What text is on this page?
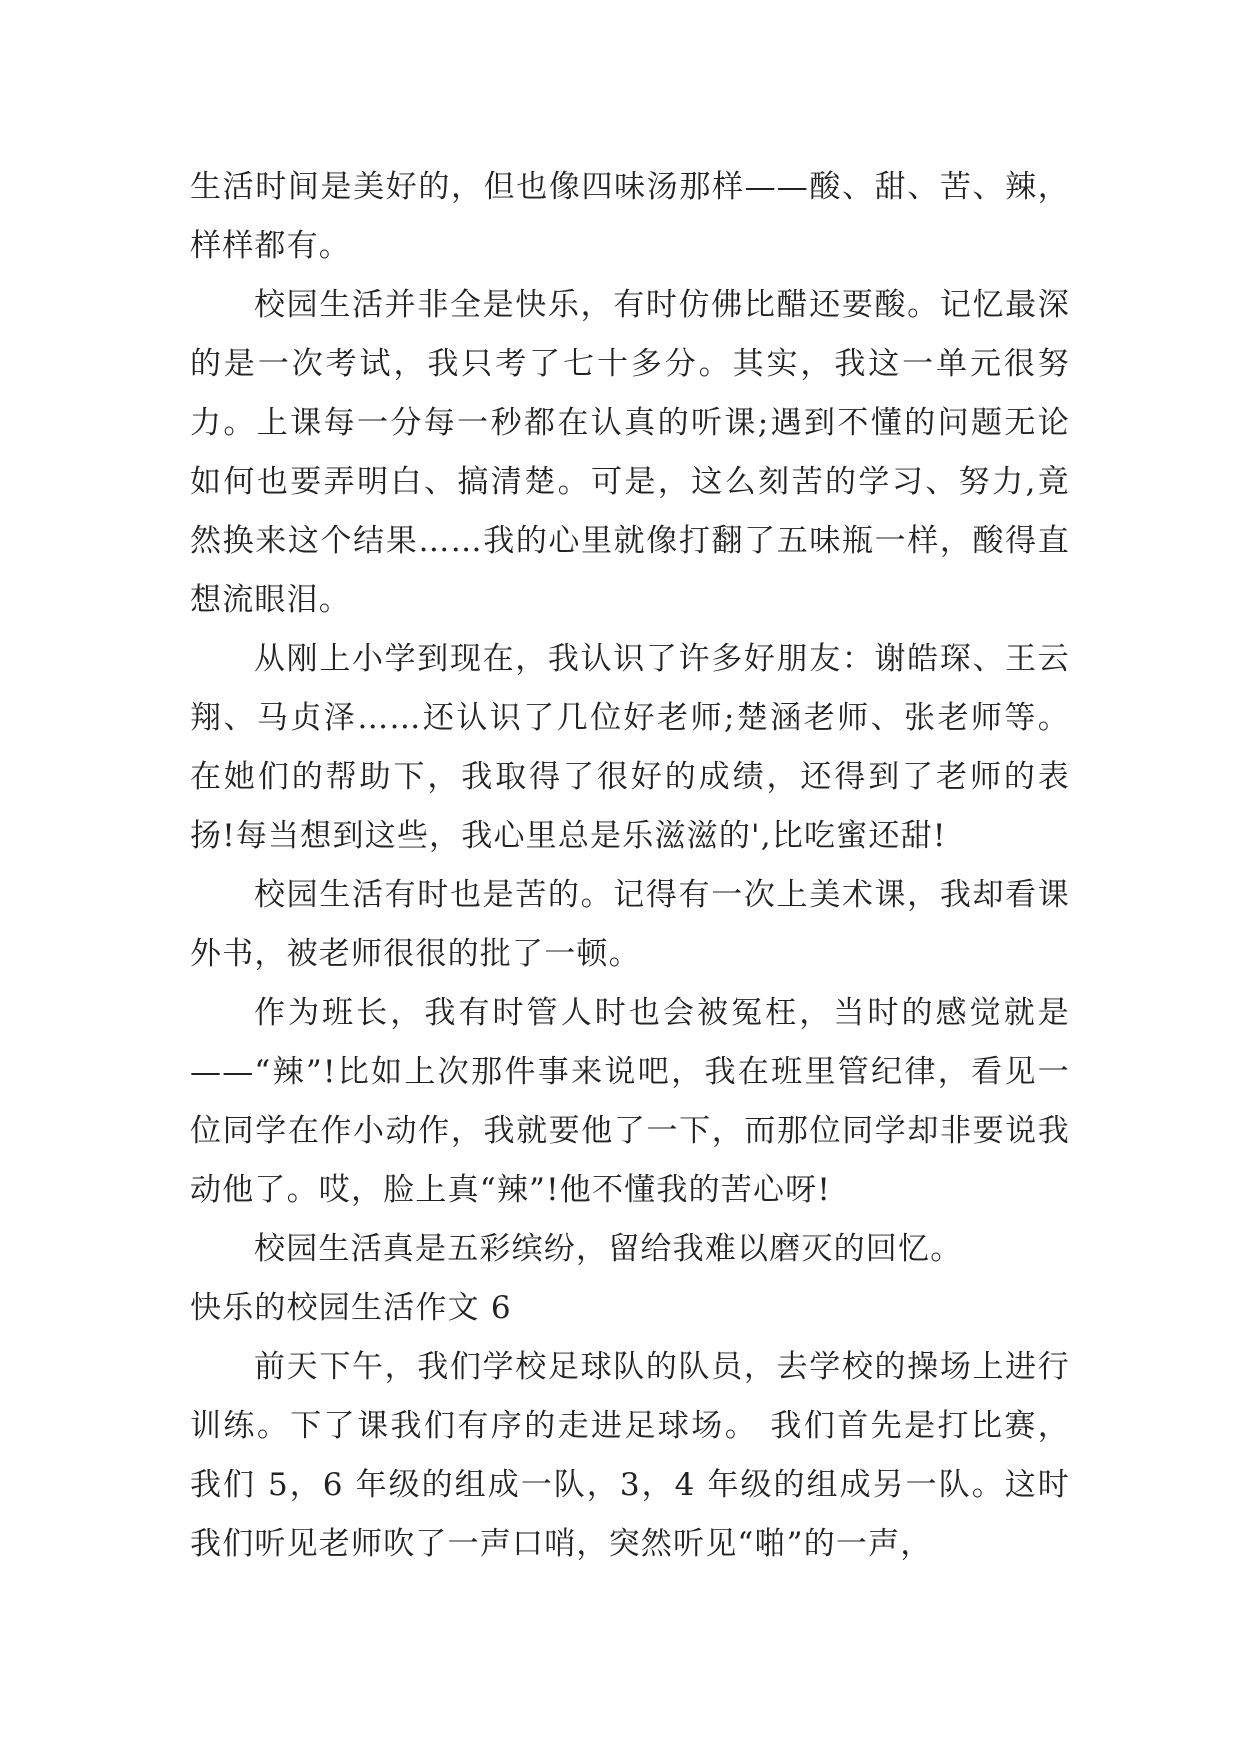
生活时间是美好的，但也像四味汤那样——酸、甜、苦、辣，样样都有。

校园生活并非全是快乐，有时仿佛比醋还要酸。记忆最深的是一次考试，我只考了七十多分。其实，我这一单元很努力。上课每一分每一秒都在认真的听课;遇到不懂的问题无论如何也要弄明白、搞清楚。可是，这么刻苦的学习、努力,竟然换来这个结果……我的心里就像打翻了五味瓶一样，酸得直想流眼泪。

从刚上小学到现在，我认识了许多好朋友：谢皓琛、王云翔、马贞泽……还认识了几位好老师;楚涵老师、张老师等。在她们的帮助下，我取得了很好的成绩，还得到了老师的表扬!每当想到这些，我心里总是乐滋滋的',比吃蜜还甜!

校园生活有时也是苦的。记得有一次上美术课，我却看课外书，被老师很很的批了一顿。

作为班长，我有时管人时也会被冤枉，当时的感觉就是——“辣”!比如上次那件事来说吧，我在班里管纪律，看见一位同学在作小动作，我就要他了一下，而那位同学却非要说我动他了。哎，脸上真“辣”!他不懂我的苦心呀!

校园生活真是五彩缤纷，留给我难以磨灭的回忆。

快乐的校园生活作文 6

前天下午，我们学校足球队的队员，去学校的操场上进行训练。下了课我们有序的走进足球场。 我们首先是打比赛，我们 5，6 年级的组成一队，3，4 年级的组成另一队。这时我们听见老师吹了一声口哨，突然听见“啪”的一声，
